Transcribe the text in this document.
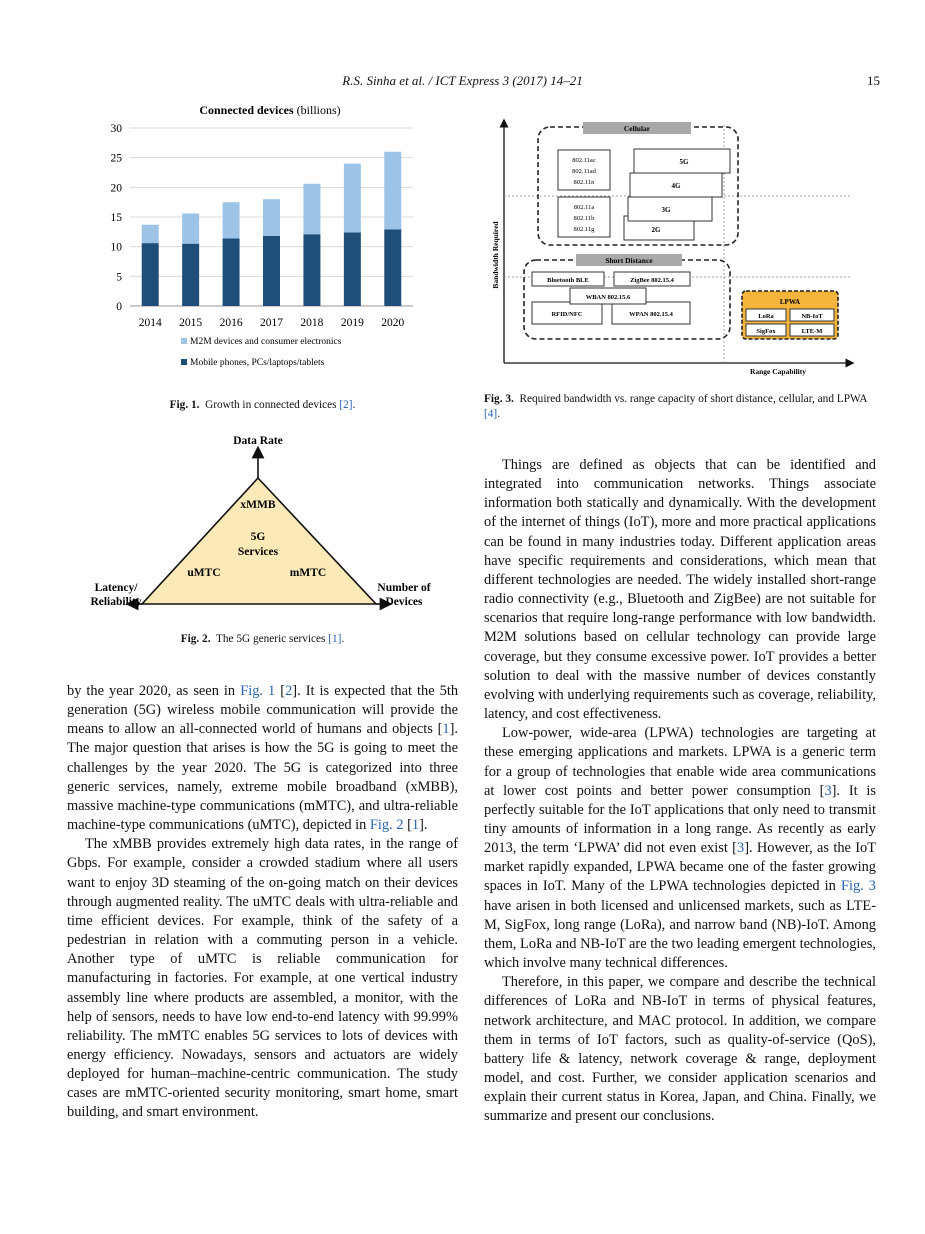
R.S. Sinha et al. / ICT Express 3 (2017) 14–21	15
Connected devices (billions)
0
5
10
15
20
25
30
2014 2015 2016 2017 2018 2019 2020
M2M devices and consumer electronics
Mobile phones, PCs/laptops/tablets
Fig. 1. Growth in connected devices [2].
Data Rate
Latency/
Reliability
Number of
Devices
xMMB
5G
Services
uMTC	mMTC
Fig. 2. The 5G generic services [1].
Bandwidth Required
Range Capability
Cellular
802.11ac
802.11ad
802.11n
802.11a
802.11b
802.11g	2G
3G
4G
5G
Short Distance
Bluetooth BLE	ZigBee 802.15.4
RFID/NFC	WPAN 802.15.4
WBAN 802.15.6
LPWA
LoRa	NB-IoT
SigFox	LTE-M
Fig. 3. Required bandwidth vs. range capacity of short distance, cellular, and LPWA [4].

by the year 2020, as seen in Fig. 1 [2]. It is expected that the 5th generation (5G) wireless mobile communication will provide the means to allow an all-connected world of humans and objects [1]. The major question that arises is how the 5G is going to meet the challenges by the year 2020. The 5G is categorized into three generic services, namely, extreme mobile broadband (xMBB), massive machine-type communications (mMTC), and ultra-reliable machine-type communications (uMTC), depicted in Fig. 2 [1].

The xMBB provides extremely high data rates, in the range of Gbps. For example, consider a crowded stadium where all users want to enjoy 3D steaming of the on-going match on their devices through augmented reality. The uMTC deals with ultra-reliable and time efficient devices. For example, think of the safety of a pedestrian in relation with a commuting person in a vehicle. Another type of uMTC is reliable communication for manufacturing in factories. For example, at one vertical industry assembly line where products are assembled, a monitor, with the help of sensors, needs to have low end-to-end latency with 99.99% reliability. The mMTC enables 5G services to lots of devices with energy efficiency. Nowadays, sensors and actuators are widely deployed for human–machine-centric communication. The study cases are mMTC-oriented security monitoring, smart home, smart building, and smart environment.

Things are defined as objects that can be identified and integrated into communication networks. Things associate information both statically and dynamically. With the development of the internet of things (IoT), more and more practical applications can be found in many industries today. Different application areas have specific requirements and considerations, which mean that different technologies are needed. The widely installed short-range radio connectivity (e.g., Bluetooth and ZigBee) are not suitable for scenarios that require long-range performance with low bandwidth. M2M solutions based on cellular technology can provide large coverage, but they consume excessive power. IoT provides a better solution to deal with the massive number of devices constantly evolving with underlying requirements such as coverage, reliability, latency, and cost effectiveness.

Low-power, wide-area (LPWA) technologies are targeting at these emerging applications and markets. LPWA is a generic term for a group of technologies that enable wide area communications at lower cost points and better power consumption [3]. It is perfectly suitable for the IoT applications that only need to transmit tiny amounts of information in a long range. As recently as early 2013, the term ‘LPWA’ did not even exist [3]. However, as the IoT market rapidly expanded, LPWA became one of the faster growing spaces in IoT. Many of the LPWA technologies depicted in Fig. 3 have arisen in both licensed and unlicensed markets, such as LTE-M, SigFox, long range (LoRa), and narrow band (NB)-IoT. Among them, LoRa and NB-IoT are the two leading emergent technologies, which involve many technical differences.

Therefore, in this paper, we compare and describe the technical differences of LoRa and NB-IoT in terms of physical features, network architecture, and MAC protocol. In addition, we compare them in terms of IoT factors, such as quality-of-service (QoS), battery life & latency, network coverage & range, deployment model, and cost. Further, we consider application scenarios and explain their current status in Korea, Japan, and China. Finally, we summarize and present our conclusions.
